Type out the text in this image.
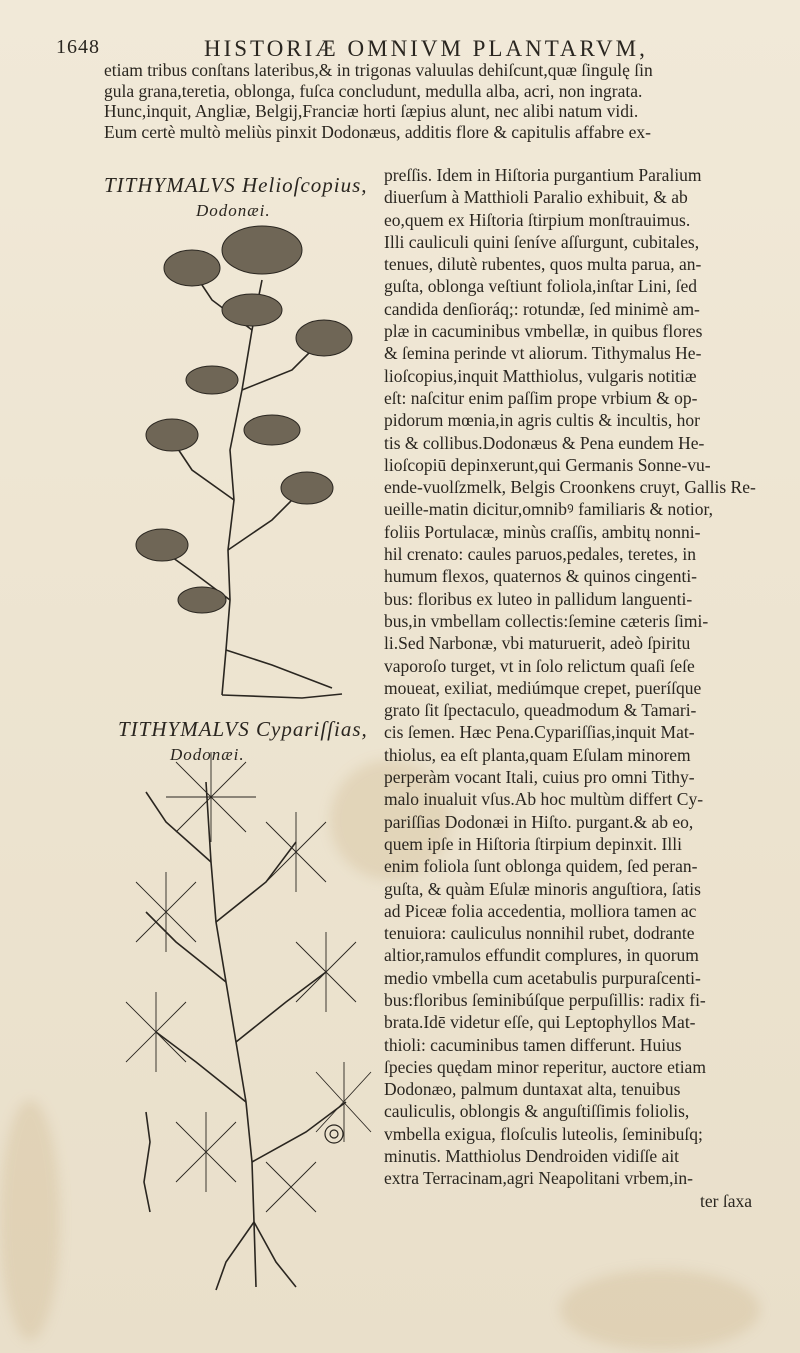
1648	HISTORIÆ OMNIVM PLANTARVM,
etiam tribus conſtans lateribus,& in trigonas valuulas dehiſcunt,quæ ſingulę ſin
gula grana,teretia, oblonga, fuſca concludunt, medulla alba, acri, non ingrata.
Hunc,inquit, Angliæ, Belgij,Franciæ horti ſæpius alunt, nec alibi natum vidi.
Eum certè multò meliùs pinxit Dodonæus, additis flore & capitulis affabre ex-
TITHYMALVS Helioſcopius,
Dodonæi.
TITHYMALVS Cypariſſias,
Dodonæi.
preſſis. Idem in Hiſtoria purgantium Paralium
diuerſum à Matthioli Paralio exhibuit, & ab
eo,quem ex Hiſtoria ſtirpium monſtrauimus.
Illi cauliculi quini ſeníve aſſurgunt, cubitales,
tenues, dilutè rubentes, quos multa parua, an-
guſta, oblonga veſtiunt foliola,inſtar Lini, ſed
candida denſioráq;: rotundæ, ſed minimè am-
plæ in cacuminibus vmbellæ, in quibus flores
& ſemina perinde vt aliorum. Tithymalus He-
lioſcopius,inquit Matthiolus, vulgaris notitiæ
eſt: naſcitur enim paſſim prope vrbium & op-
pidorum mœnia,in agris cultis & incultis, hor
tis & collibus.Dodonæus & Pena eundem He-
lioſcopiū depinxerunt,qui Germanis Sonne-vu-
ende-vuolſzmelk, Belgis Croonkens cruyt, Gallis Re-
ueille-matin dicitur,omnibꝰ familiaris & notior,
foliis Portulacæ, minùs craſſis, ambitų nonni-
hil crenato: caules paruos,pedales, teretes, in
humum flexos, quaternos & quinos cingenti-
bus: floribus ex luteo in pallidum languenti-
bus,in vmbellam collectis:ſemine cæteris ſimi-
li.Sed Narbonæ, vbi maturuerit, adeò ſpiritu
vaporoſo turget, vt in ſolo relictum quaſi ſeſe
moueat, exiliat, mediúmque crepet, pueríſque
grato ſit ſpectaculo, queadmodum & Tamari-
cis ſemen. Hæc Pena.Cypariſſias,inquit Mat-
thiolus, ea eſt planta,quam Eſulam minorem
perperàm vocant Itali, cuius pro omni Tithy-
malo inualuit vſus.Ab hoc multùm differt Cy-
pariſſias Dodonæi in Hiſto. purgant.& ab eo,
quem ipſe in Hiſtoria ſtirpium depinxit. Illi
enim foliola ſunt oblonga quidem, ſed peran-
guſta, & quàm Eſulæ minoris anguſtiora, ſatis
ad Piceæ folia accedentia, molliora tamen ac
tenuiora: cauliculus nonnihil rubet, dodrante
altior,ramulos effundit complures, in quorum
medio vmbella cum acetabulis purpuraſcenti-
bus:floribus ſeminibúſque perpuſillis: radix fi-
brata.Idē videtur eſſe, qui Leptophyllos Mat-
thioli: cacuminibus tamen differunt. Huius
ſpecies quędam minor reperitur, auctore etiam
Dodonæo, palmum duntaxat alta, tenuibus
cauliculis, oblongis & anguſtiſſimis foliolis,
vmbella exigua, floſculis luteolis, ſeminibuſq;
minutis. Matthiolus Dendroiden vidiſſe ait
extra Terracinam,agri Neapolitani vrbem,in-
ter ſaxa
